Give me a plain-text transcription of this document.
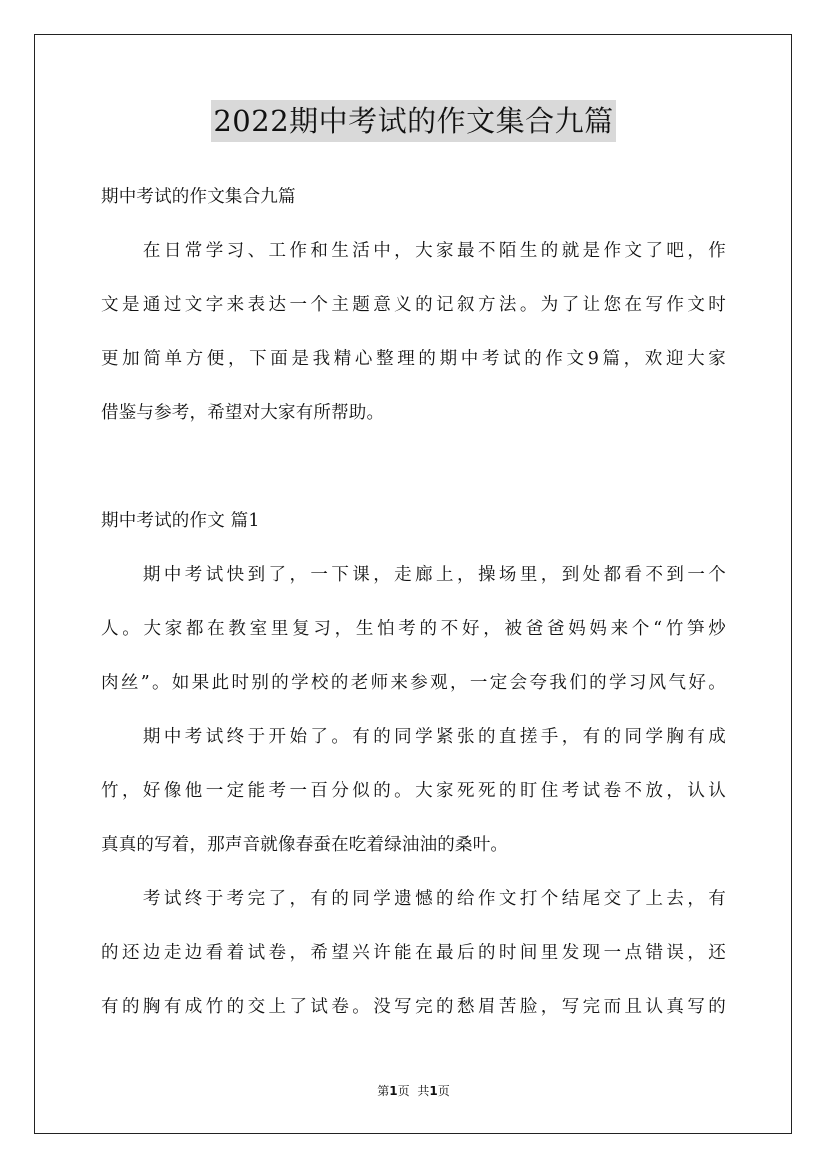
2022期中考试的作文集合九篇
期中考试的作文集合九篇
　　在日常学习、工作和生活中，大家最不陌生的就是作文了吧，作
文是通过文字来表达一个主题意义的记叙方法。为了让您在写作文时
更加简单方便，下面是我精心整理的期中考试的作文9篇，欢迎大家
借鉴与参考，希望对大家有所帮助。
期中考试的作文 篇1
　　期中考试快到了，一下课，走廊上，操场里，到处都看不到一个
人。大家都在教室里复习，生怕考的不好，被爸爸妈妈来个“竹笋炒
肉丝”。如果此时别的学校的老师来参观，一定会夸我们的学习风气好。
　　期中考试终于开始了。有的同学紧张的直搓手，有的同学胸有成
竹，好像他一定能考一百分似的。大家死死的盯住考试卷不放，认认
真真的写着，那声音就像春蚕在吃着绿油油的桑叶。
　　考试终于考完了，有的同学遗憾的给作文打个结尾交了上去，有
的还边走边看着试卷，希望兴许能在最后的时间里发现一点错误，还
有的胸有成竹的交上了试卷。没写完的愁眉苦脸，写完而且认真写的
第1页 共1页
